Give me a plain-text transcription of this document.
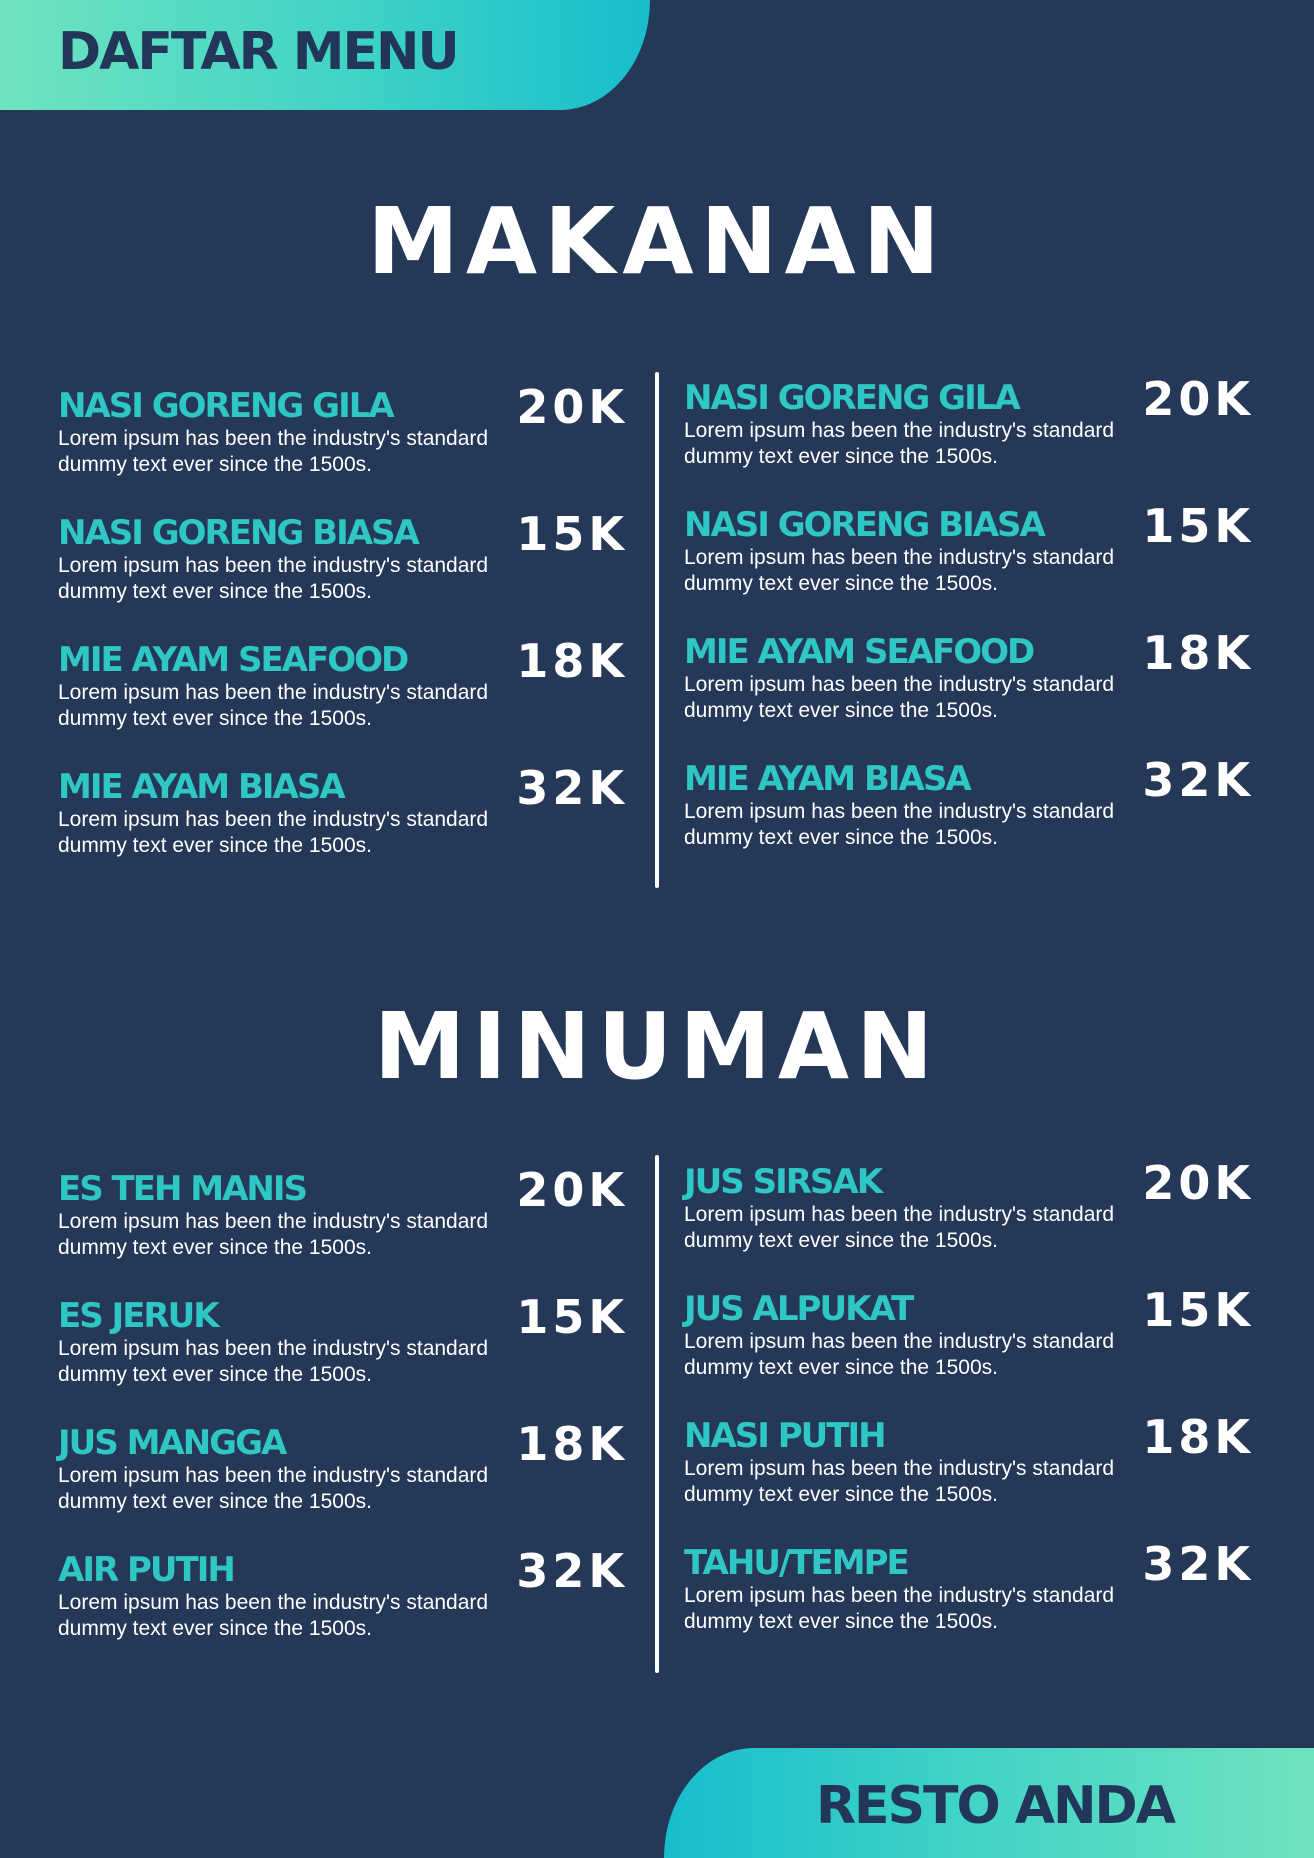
DAFTAR MENU
MAKANAN
NASI GORENG GILA	20K
Lorem ipsum has been the industry's standard dummy text ever since the 1500s.
NASI GORENG BIASA 15K
Lorem ipsum has been the industry's standard dummy text ever since the 1500s.
MIE AYAM SEAFOOD 18K
Lorem ipsum has been the industry's standard dummy text ever since the 1500s.
MIE AYAM BIASA	32K
Lorem ipsum has been the industry's standard dummy text ever since the 1500s.
NASI GORENG GILA	20K
Lorem ipsum has been the industry's standard dummy text ever since the 1500s.
NASI GORENG BIASA 15K
Lorem ipsum has been the industry's standard dummy text ever since the 1500s.
MIE AYAM SEAFOOD 18K
Lorem ipsum has been the industry's standard dummy text ever since the 1500s.
MIE AYAM BIASA	32K
Lorem ipsum has been the industry's standard dummy text ever since the 1500s.
MINUMAN
ES TEH MANIS	20K
Lorem ipsum has been the industry's standard dummy text ever since the 1500s.
ES JERUK	15K
Lorem ipsum has been the industry's standard dummy text ever since the 1500s.
JUS MANGGA	18K
Lorem ipsum has been the industry's standard dummy text ever since the 1500s.
AIR PUTIH	32K
Lorem ipsum has been the industry's standard dummy text ever since the 1500s.
JUS SIRSAK	20K
Lorem ipsum has been the industry's standard dummy text ever since the 1500s.
JUS ALPUKAT	15K
Lorem ipsum has been the industry's standard dummy text ever since the 1500s.
NASI PUTIH	18K
Lorem ipsum has been the industry's standard dummy text ever since the 1500s.
TAHU/TEMPE	32K
Lorem ipsum has been the industry's standard dummy text ever since the 1500s.
RESTO ANDA
